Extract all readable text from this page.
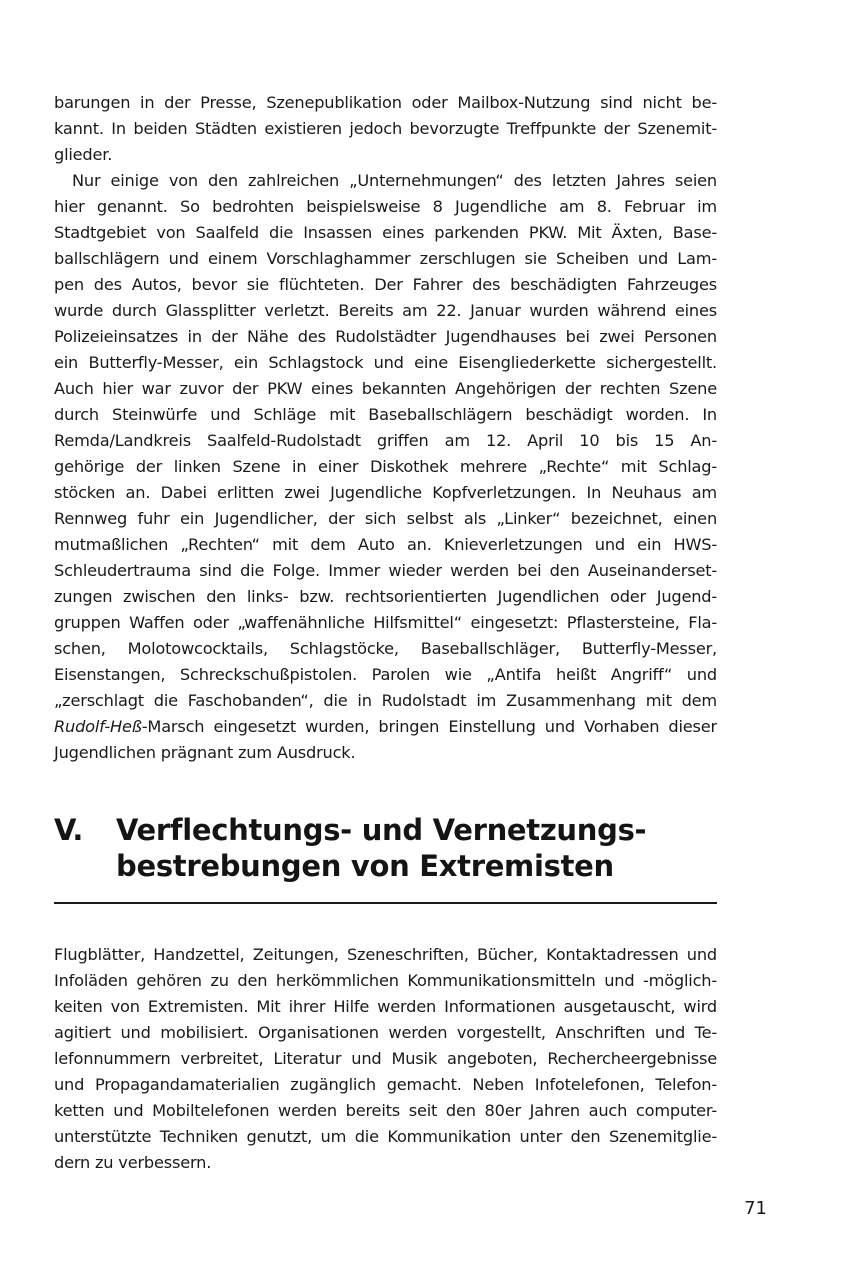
barungen in der Presse, Szenepublikation oder Mailbox-Nutzung sind nicht be-
kannt. In beiden Städten existieren jedoch bevorzugte Treffpunkte der Szenemit-
glieder.
Nur einige von den zahlreichen „Unternehmungen“ des letzten Jahres seien
hier genannt. So bedrohten beispielsweise 8 Jugendliche am 8. Februar im
Stadtgebiet von Saalfeld die Insassen eines parkenden PKW. Mit Äxten, Base-
ballschlägern und einem Vorschlaghammer zerschlugen sie Scheiben und Lam-
pen des Autos, bevor sie flüchteten. Der Fahrer des beschädigten Fahrzeuges
wurde durch Glassplitter verletzt. Bereits am 22. Januar wurden während eines
Polizeieinsatzes in der Nähe des Rudolstädter Jugendhauses bei zwei Personen
ein Butterfly-Messer, ein Schlagstock und eine Eisengliederkette sichergestellt.
Auch hier war zuvor der PKW eines bekannten Angehörigen der rechten Szene
durch Steinwürfe und Schläge mit Baseballschlägern beschädigt worden. In
Remda/Landkreis Saalfeld-Rudolstadt griffen am 12. April 10 bis 15 An-
gehörige der linken Szene in einer Diskothek mehrere „Rechte“ mit Schlag-
stöcken an. Dabei erlitten zwei Jugendliche Kopfverletzungen. In Neuhaus am
Rennweg fuhr ein Jugendlicher, der sich selbst als „Linker“ bezeichnet, einen
mutmaßlichen „Rechten“ mit dem Auto an. Knieverletzungen und ein HWS-
Schleudertrauma sind die Folge. Immer wieder werden bei den Auseinanderset-
zungen zwischen den links- bzw. rechtsorientierten Jugendlichen oder Jugend-
gruppen Waffen oder „waffenähnliche Hilfsmittel“ eingesetzt: Pflastersteine, Fla-
schen, Molotowcocktails, Schlagstöcke, Baseballschläger, Butterfly-Messer,
Eisenstangen, Schreckschußpistolen. Parolen wie „Antifa heißt Angriff“ und
„zerschlagt die Faschobanden“, die in Rudolstadt im Zusammenhang mit dem
Rudolf-Heß-Marsch eingesetzt wurden, bringen Einstellung und Vorhaben dieser
Jugendlichen prägnant zum Ausdruck.
V.	Verflechtungs- und Vernetzungs-
bestrebungen von Extremisten
Flugblätter, Handzettel, Zeitungen, Szeneschriften, Bücher, Kontaktadressen und
Infoläden gehören zu den herkömmlichen Kommunikationsmitteln und -möglich-
keiten von Extremisten. Mit ihrer Hilfe werden Informationen ausgetauscht, wird
agitiert und mobilisiert. Organisationen werden vorgestellt, Anschriften und Te-
lefonnummern verbreitet, Literatur und Musik angeboten, Rechercheergebnisse
und Propagandamaterialien zugänglich gemacht. Neben Infotelefonen, Telefon-
ketten und Mobiltelefonen werden bereits seit den 80er Jahren auch computer-
unterstützte Techniken genutzt, um die Kommunikation unter den Szenemitglie-
dern zu verbessern.
71
